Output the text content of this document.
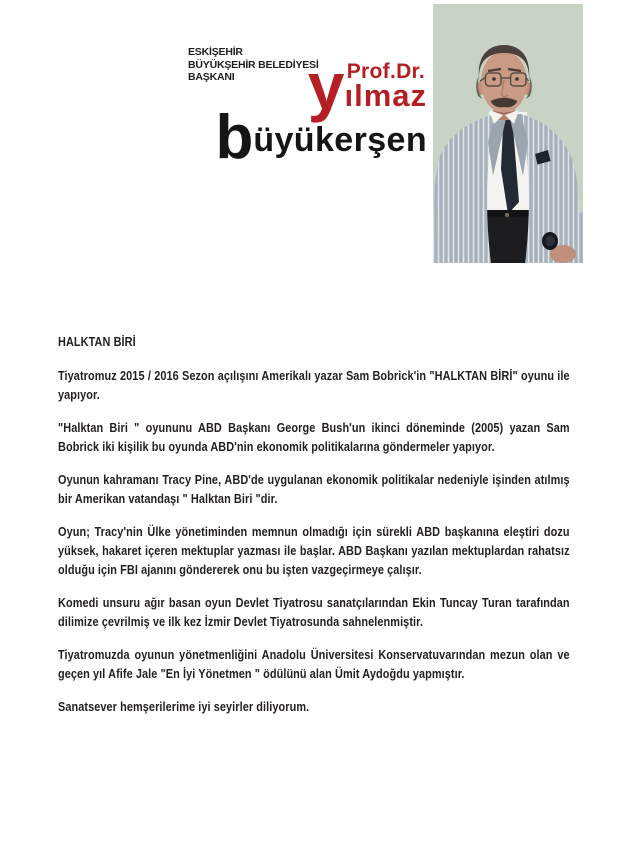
ESKİŞEHİR
BÜYÜKŞEHİR BELEDİYESİ
BAŞKANI	Prof.Dr.
y ılmaz
b üyükerşen
HALKTAN BİRİ

Tiyatromuz 2015 / 2016 Sezon açılışını Amerikalı yazar Sam Bobrick'in "HALKTAN BİRİ" oyunu ile yapıyor.

"Halktan Biri " oyununu ABD Başkanı George Bush'un ikinci döneminde (2005) yazan Sam Bobrick iki kişilik bu oyunda ABD'nin ekonomik politikalarına göndermeler yapıyor.

Oyunun kahramanı Tracy Pine, ABD'de uygulanan ekonomik politikalar nedeniyle işinden atılmış bir Amerikan vatandaşı " Halktan Biri "dir.

Oyun; Tracy'nin Ülke yönetiminden memnun olmadığı için sürekli ABD başkanına eleştiri dozu yüksek, hakaret içeren mektuplar yazması ile başlar. ABD Başkanı yazılan mektuplardan rahatsız olduğu için FBI ajanını göndererek onu bu işten vazgeçirmeye çalışır.

Komedi unsuru ağır basan oyun Devlet Tiyatrosu sanatçılarından Ekin Tuncay Turan tarafından dilimize çevrilmiş ve ilk kez İzmir Devlet Tiyatrosunda sahnelenmiştir.

Tiyatromuzda oyunun yönetmenliğini Anadolu Üniversitesi Konservatuvarından mezun olan ve geçen yıl Afife Jale "En İyi Yönetmen " ödülünü alan Ümit Aydoğdu yapmıştır.

Sanatsever hemşerilerime iyi seyirler diliyorum.
